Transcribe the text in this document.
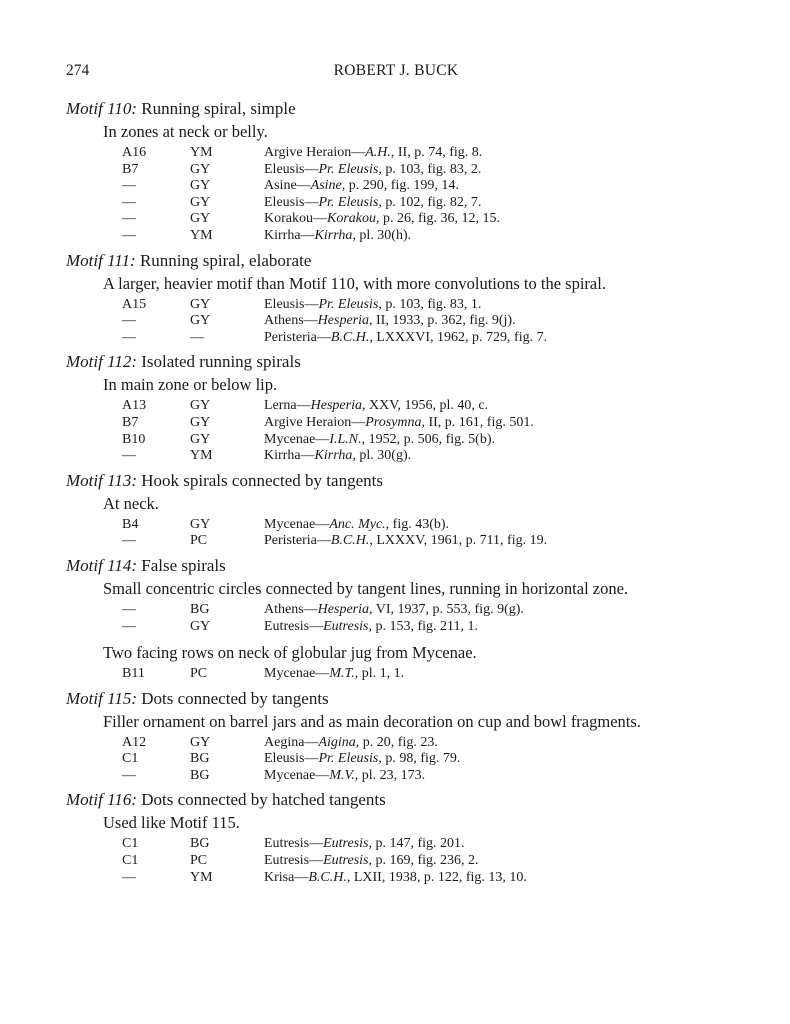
274	ROBERT J. BUCK
Motif 110: Running spiral, simple
In zones at neck or belly.
A16	YM	Argive Heraion—A.H., II, p. 74, fig. 8.
B7	GY	Eleusis—Pr. Eleusis, p. 103, fig. 83, 2.
—	GY	Asine—Asine, p. 290, fig. 199, 14.
—	GY	Eleusis—Pr. Eleusis, p. 102, fig. 82, 7.
—	GY	Korakou—Korakou, p. 26, fig. 36, 12, 15.
—	YM	Kirrha—Kirrha, pl. 30(h).
Motif 111: Running spiral, elaborate
A larger, heavier motif than Motif 110, with more convolutions to the spiral.
A15	GY	Eleusis—Pr. Eleusis, p. 103, fig. 83, 1.
—	GY	Athens—Hesperia, II, 1933, p. 362, fig. 9(j).
—	—	Peristeria—B.C.H., LXXXVI, 1962, p. 729, fig. 7.
Motif 112: Isolated running spirals
In main zone or below lip.
A13	GY	Lerna—Hesperia, XXV, 1956, pl. 40, c.
B7	GY	Argive Heraion—Prosymna, II, p. 161, fig. 501.
B10	GY	Mycenae—I.L.N., 1952, p. 506, fig. 5(b).
—	YM	Kirrha—Kirrha, pl. 30(g).
Motif 113: Hook spirals connected by tangents
At neck.
B4	GY	Mycenae—Anc. Myc., fig. 43(b).
—	PC	Peristeria—B.C.H., LXXXV, 1961, p. 711, fig. 19.
Motif 114: False spirals
Small concentric circles connected by tangent lines, running in horizontal zone.
—	BG	Athens—Hesperia, VI, 1937, p. 553, fig. 9(g).
—	GY	Eutresis—Eutresis, p. 153, fig. 211, 1.
Two facing rows on neck of globular jug from Mycenae.
B11	PC	Mycenae—M.T., pl. 1, 1.
Motif 115: Dots connected by tangents
Filler ornament on barrel jars and as main decoration on cup and bowl fragments.
A12	GY	Aegina—Aigina, p. 20, fig. 23.
C1	BG	Eleusis—Pr. Eleusis, p. 98, fig. 79.
—	BG	Mycenae—M.V., pl. 23, 173.
Motif 116: Dots connected by hatched tangents
Used like Motif 115.
C1	BG	Eutresis—Eutresis, p. 147, fig. 201.
C1	PC	Eutresis—Eutresis, p. 169, fig. 236, 2.
—	YM	Krisa—B.C.H., LXII, 1938, p. 122, fig. 13, 10.
